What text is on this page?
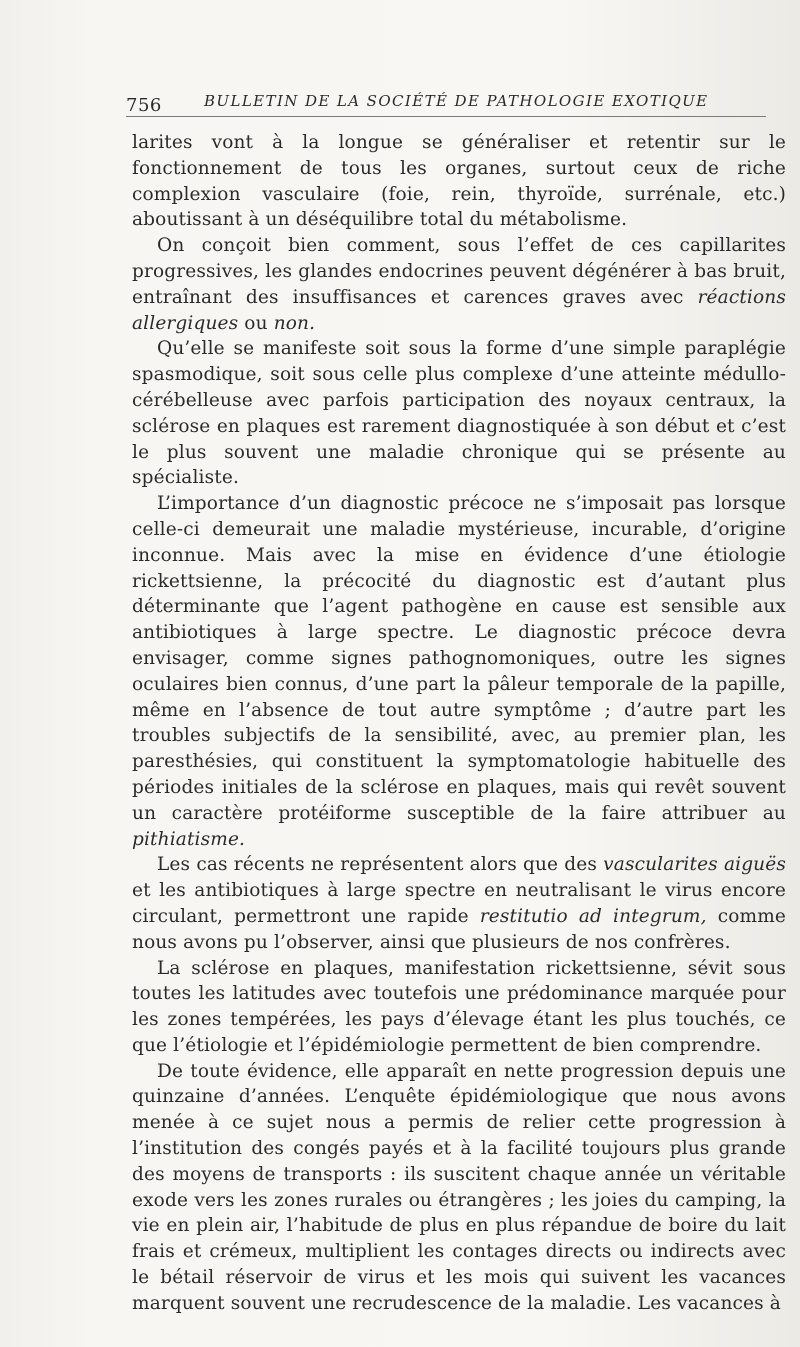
756	BULLETIN DE LA SOCIÉTÉ DE PATHOLOGIE EXOTIQUE

larites vont à la longue se généraliser et retentir sur le fonctionnement de tous les organes, surtout ceux de riche complexion vasculaire (foie, rein, thyroïde, surrénale, etc.) aboutissant à un déséquilibre total du métabolisme.

On conçoit bien comment, sous l’effet de ces capillarites progressives, les glandes endocrines peuvent dégénérer à bas bruit, entraînant des insuffisances et carences graves avec réactions allergiques ou non.

Qu’elle se manifeste soit sous la forme d’une simple paraplégie spasmodique, soit sous celle plus complexe d’une atteinte médullo-cérébelleuse avec parfois participation des noyaux centraux, la sclérose en plaques est rarement diagnostiquée à son début et c’est le plus souvent une maladie chronique qui se présente au spécialiste.

L’importance d’un diagnostic précoce ne s’imposait pas lorsque celle-ci demeurait une maladie mystérieuse, incurable, d’origine inconnue. Mais avec la mise en évidence d’une étiologie rickettsienne, la précocité du diagnostic est d’autant plus déterminante que l’agent pathogène en cause est sensible aux antibiotiques à large spectre. Le diagnostic précoce devra envisager, comme signes pathognomoniques, outre les signes oculaires bien connus, d’une part la pâleur temporale de la papille, même en l’absence de tout autre symptôme ; d’autre part les troubles subjectifs de la sensibilité, avec, au premier plan, les paresthésies, qui constituent la symptomatologie habituelle des périodes initiales de la sclérose en plaques, mais qui revêt souvent un caractère protéiforme susceptible de la faire attribuer au pithiatisme.

Les cas récents ne représentent alors que des vascularites aiguës et les antibiotiques à large spectre en neutralisant le virus encore circulant, permettront une rapide restitutio ad integrum, comme nous avons pu l’observer, ainsi que plusieurs de nos confrères.

La sclérose en plaques, manifestation rickettsienne, sévit sous toutes les latitudes avec toutefois une prédominance marquée pour les zones tempérées, les pays d’élevage étant les plus touchés, ce que l’étiologie et l’épidémiologie permettent de bien comprendre.

De toute évidence, elle apparaît en nette progression depuis une quinzaine d’années. L’enquête épidémiologique que nous avons menée à ce sujet nous a permis de relier cette progression à l’institution des congés payés et à la facilité toujours plus grande des moyens de transports : ils suscitent chaque année un véritable exode vers les zones rurales ou étrangères ; les joies du camping, la vie en plein air, l’habitude de plus en plus répandue de boire du lait frais et crémeux, multiplient les contages directs ou indirects avec le bétail réservoir de virus et les mois qui suivent les vacances marquent souvent une recrudescence de la maladie. Les vacances à
